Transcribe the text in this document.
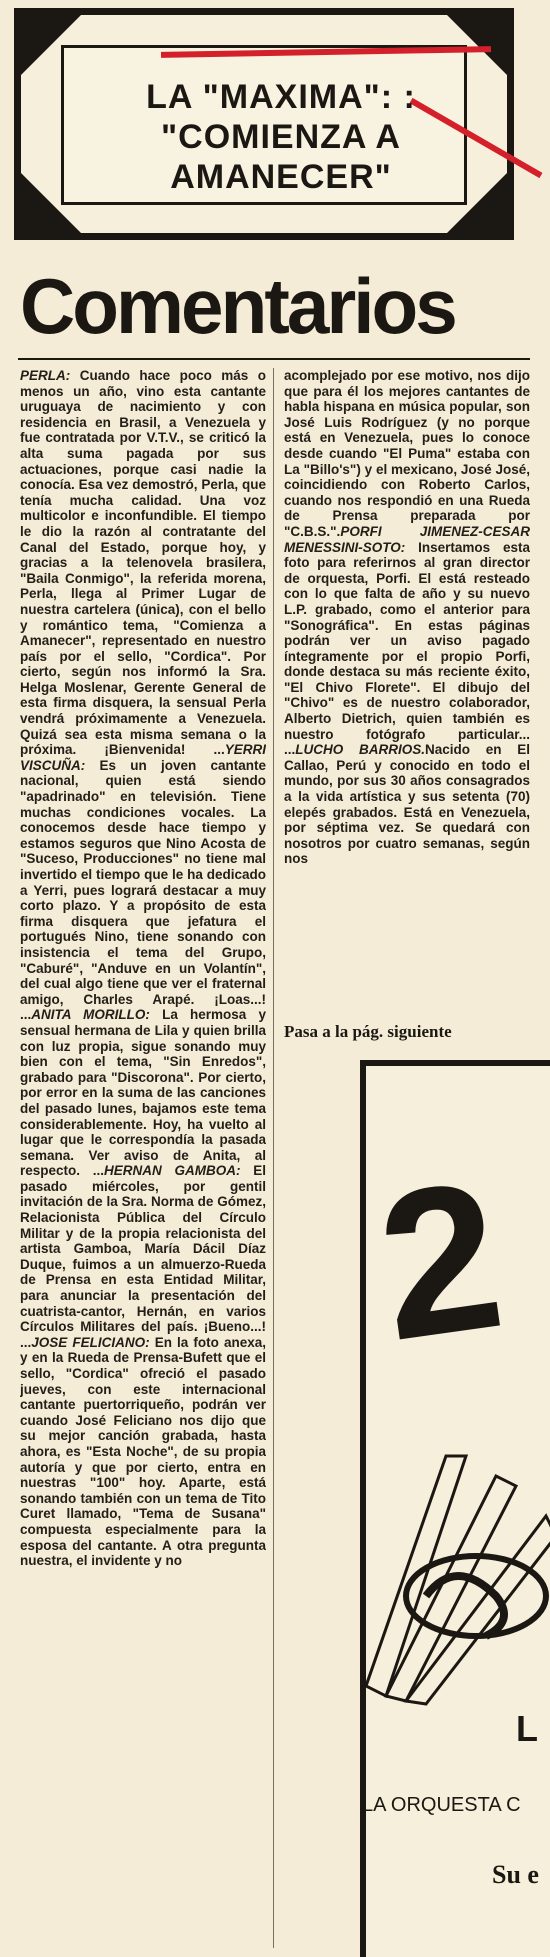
LA "MAXIMA": : "COMIENZA A AMANECER"
Comentarios

PERLA: Cuando hace poco más o menos un año, vino esta cantante uruguaya de nacimiento y con residencia en Brasil, a Venezuela y fue contratada por V.T.V., se criticó la alta suma pagada por sus actuaciones, porque casi nadie la conocía. Esa vez demostró, Perla, que tenía mucha calidad. Una voz multicolor e inconfundible. El tiempo le dio la razón al contratante del Canal del Estado, porque hoy, y gracias a la telenovela brasilera, "Baila Conmigo", la referida morena, Perla, llega al Primer Lugar de nuestra cartelera (única), con el bello y romántico tema, "Comienza a Amanecer", representado en nuestro país por el sello, "Cordica". Por cierto, según nos informó la Sra. Helga Moslenar, Gerente General de esta firma disquera, la sensual Perla vendrá próximamente a Venezuela. Quizá sea esta misma semana o la próxima. ¡Bienvenida! ...YERRI VISCUÑA: Es un joven cantante nacional, quien está siendo "apadrinado" en televisión. Tiene muchas condiciones vocales. La conocemos desde hace tiempo y estamos seguros que Nino Acosta de "Suceso, Producciones" no tiene mal invertido el tiempo que le ha dedicado a Yerri, pues logrará destacar a muy corto plazo. Y a propósito de esta firma disquera que jefatura el portugués Nino, tiene sonando con insistencia el tema del Grupo, "Caburé", "Anduve en un Volantín", del cual algo tiene que ver el fraternal amigo, Charles Arapé. ¡Loas...! ...ANITA MORILLO: La hermosa y sensual hermana de Lila y quien brilla con luz propia, sigue sonando muy bien con el tema, "Sin Enredos", grabado para "Discorona". Por cierto, por error en la suma de las canciones del pasado lunes, bajamos este tema considerablemente. Hoy, ha vuelto al lugar que le correspondía la pasada semana. Ver aviso de Anita, al respecto. ...HERNAN GAMBOA: El pasado miércoles, por gentil invitación de la Sra. Norma de Gómez, Relacionista Pública del Círculo Militar y de la propia relacionista del artista Gamboa, María Dácil Díaz Duque, fuimos a un almuerzo-Rueda de Prensa en esta Entidad Militar, para anunciar la presentación del cuatrista-cantor, Hernán, en varios Círculos Militares del país. ¡Bueno...! ...JOSE FELICIANO: En la foto anexa, y en la Rueda de Prensa-Bufett que el sello, "Cordica" ofreció el pasado jueves, con este internacional cantante puertorriqueño, podrán ver cuando José Feliciano nos dijo que su mejor canción grabada, hasta ahora, es "Esta Noche", de su propia autoría y que por cierto, entra en nuestras "100" hoy. Aparte, está sonando también con un tema de Tito Curet llamado, "Tema de Susana" compuesta especialmente para la esposa del cantante. A otra pregunta nuestra, el invidente y no

acomplejado por ese motivo, nos dijo que para él los mejores cantantes de habla hispana en música popular, son José Luis Rodríguez (y no porque está en Venezuela, pues lo conoce desde cuando "El Puma" estaba con La "Billo's") y el mexicano, José José, coincidiendo con Roberto Carlos, cuando nos respondió en una Rueda de Prensa preparada por "C.B.S.".PORFI JIMENEZ-CESAR MENESSINI-SOTO: Insertamos esta foto para referirnos al gran director de orquesta, Porfi. El está resteado con lo que falta de año y su nuevo L.P. grabado, como el anterior para "Sonográfica". En estas páginas podrán ver un aviso pagado íntegramente por el propio Porfi, donde destaca su más reciente éxito, "El Chivo Florete". El dibujo del "Chivo" es de nuestro colaborador, Alberto Dietrich, quien también es nuestro fotógrafo particular... ...LUCHO BARRIOS.Nacido en El Callao, Perú y conocido en todo el mundo, por sus 30 años consagrados a la vida artística y sus setenta (70) elepés grabados. Está en Venezuela, por séptima vez. Se quedará con nosotros por cuatro semanas, según nos

Pasa a la pág. siguiente
2
L
LA ORQUESTA C
Su e
